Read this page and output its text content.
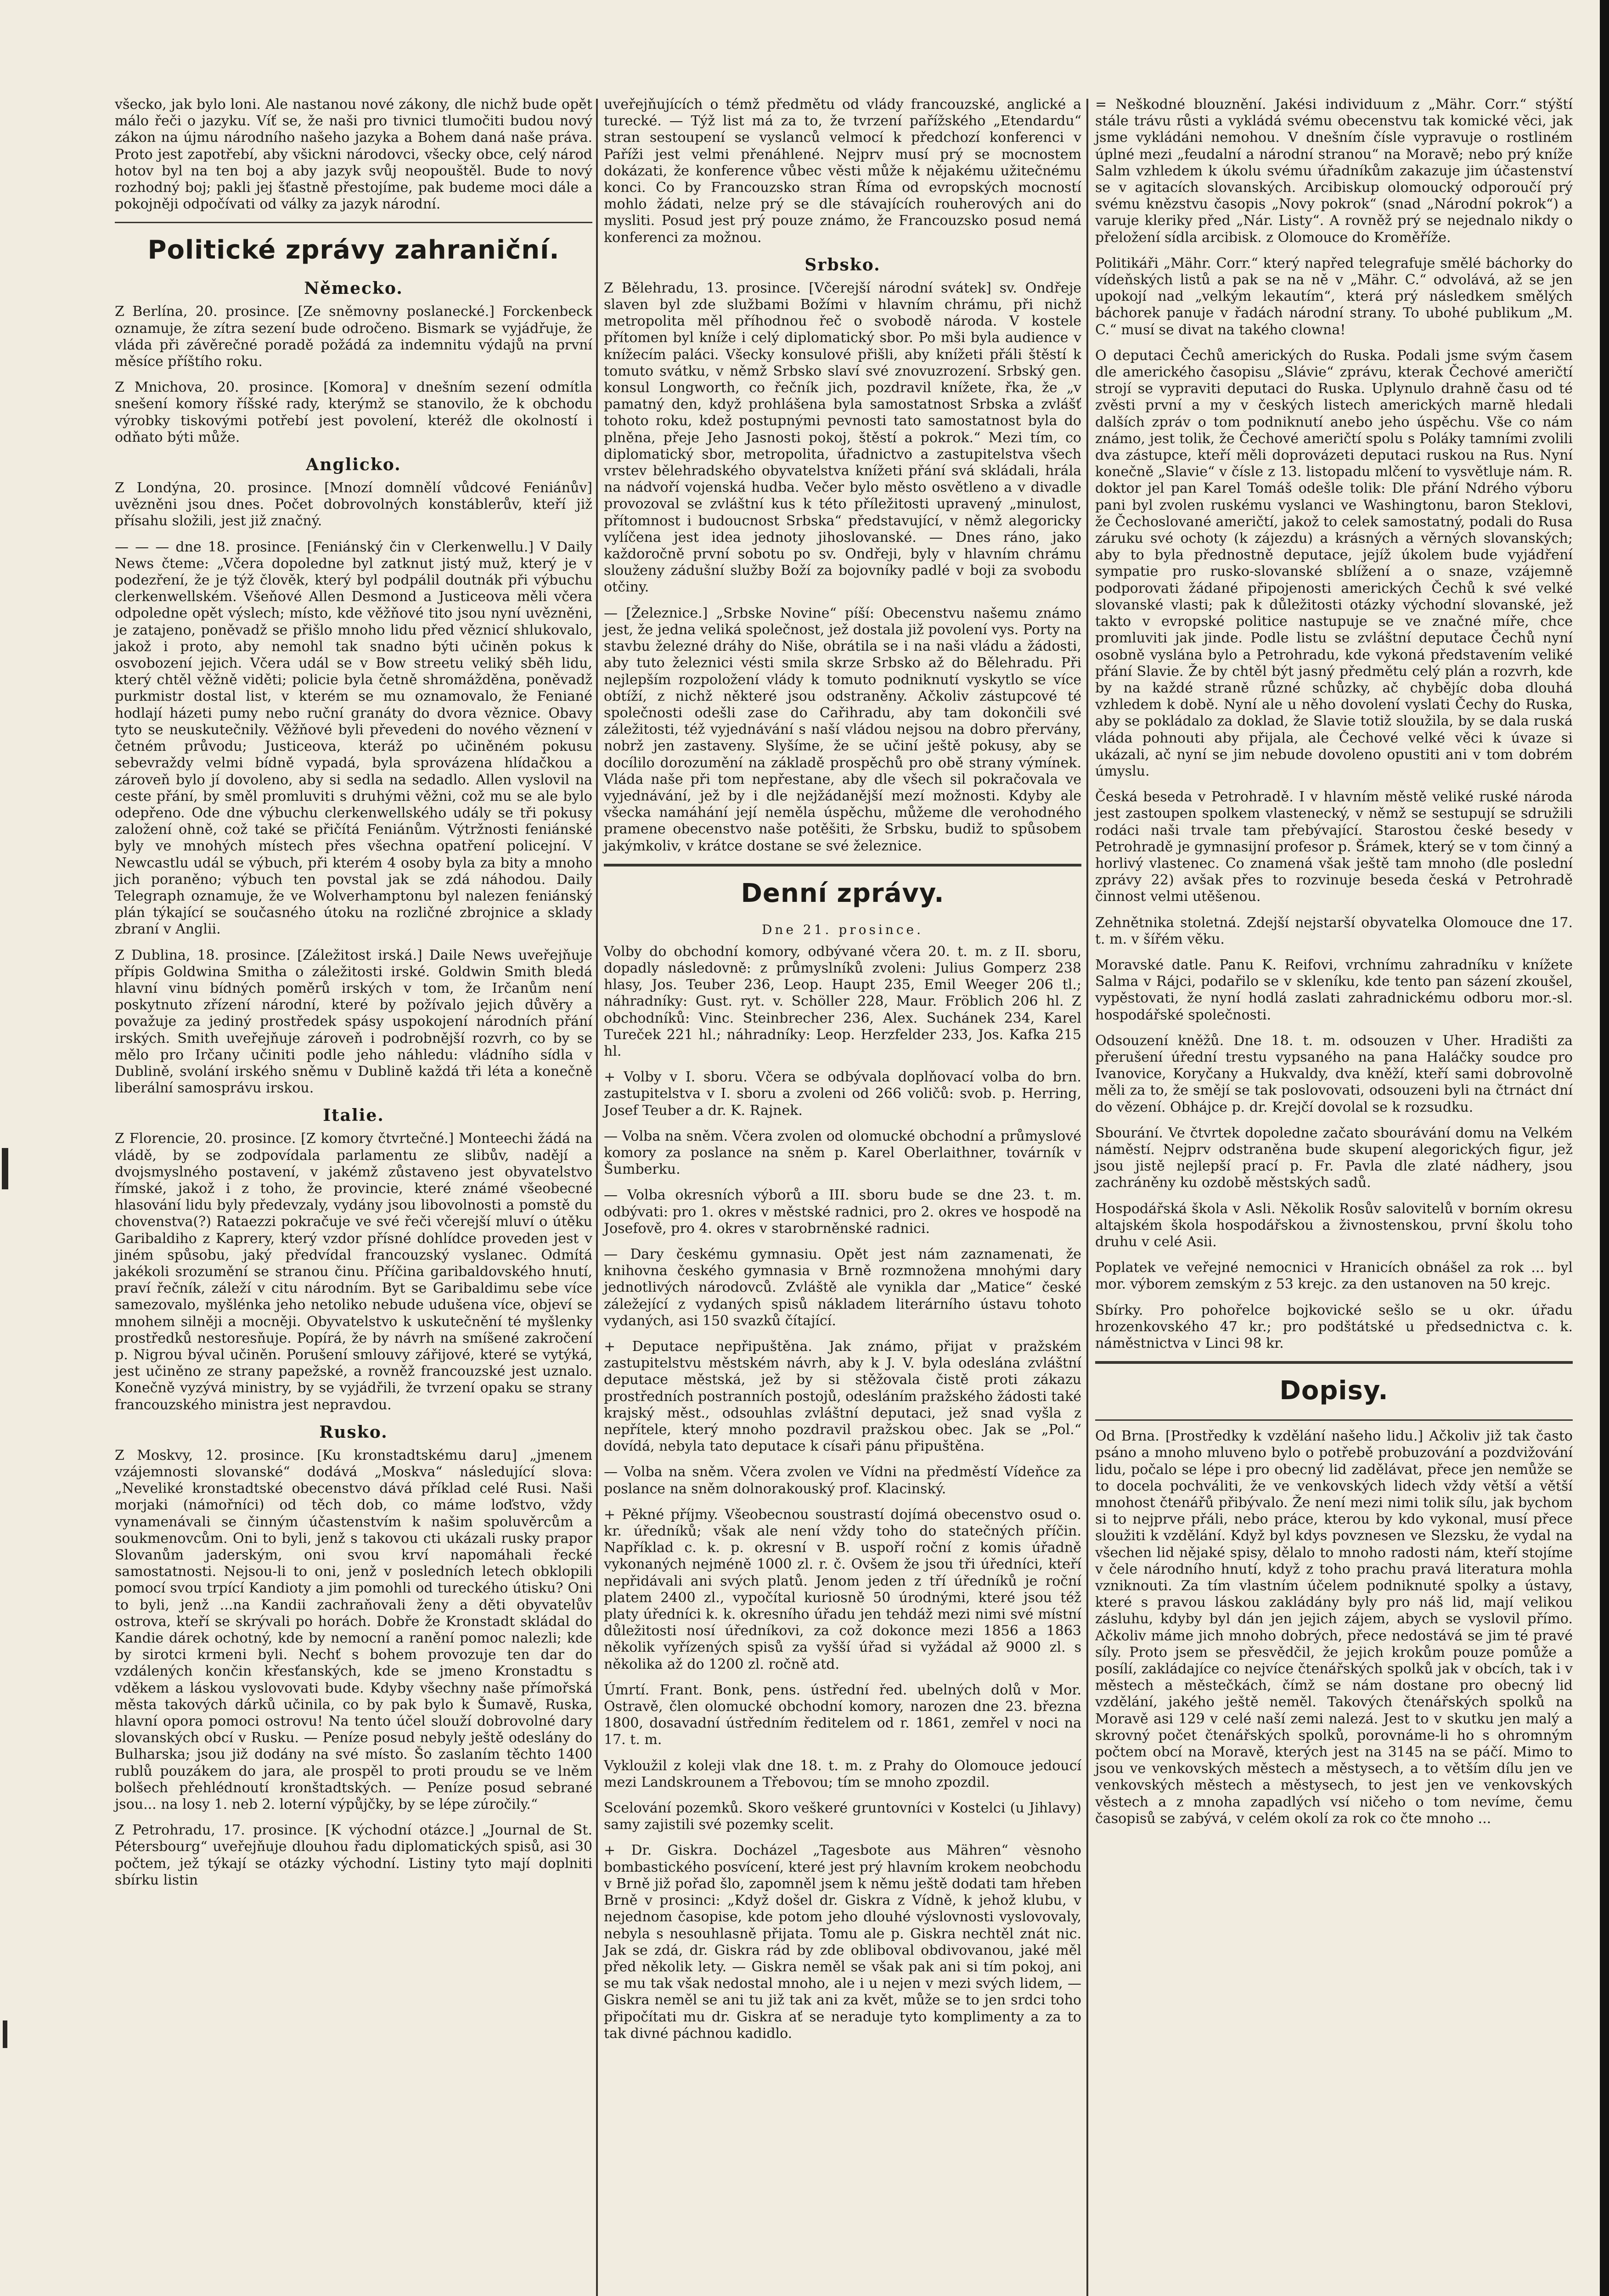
všecko, jak bylo loni. Ale nastanou nové zákony, dle nichž bude opět málo řeči o jazyku. Víť se, že naši pro tivnici tlumočiti budou nový zákon na újmu národního našeho jazyka a Bohem daná naše práva. Proto jest zapotřebí, aby všickni národovci, všecky obce, celý národ hotov byl na ten boj a aby jazyk svůj neopouštěl. Bude to nový rozhodný boj; pakli jej šťastně přestojíme, pak budeme moci dále a pokojněji odpočívati od války za jazyk národní.

Politické zprávy zahraniční.
Německo.

Z Berlína, 20. prosince. [Ze sněmovny poslanecké.] Forckenbeck oznamuje, že zítra sezení bude odročeno. Bismark se vyjádřuje, že vláda při závěrečné poradě požádá za indemnitu výdajů na první měsíce příštího roku.

Z Mnichova, 20. prosince. [Komora] v dnešním sezení odmítla snešení komory říšské rady, kterýmž se stanovilo, že k obchodu výrobky tiskovými potřebí jest povolení, kteréž dle okolností i odňato býti může.

Anglicko.

Z Londýna, 20. prosince. [Mnozí domnělí vůdcové Feniánův] uvězněni jsou dnes. Počet dobrovolných konstáblerův, kteří již přísahu složili, jest již značný.

— — — dne 18. prosince. [Feniánský čin v Clerkenwellu.] V Daily News čteme: „Včera dopoledne byl zatknut jistý muž, který je v podezření, že je týž člověk, který byl podpálil doutnák při výbuchu clerkenwellském. Všeňové Allen Desmond a Justiceova měli včera odpoledne opět výslech; místo, kde věžňové tito jsou nyní uvězněni, je zatajeno, poněvadž se přišlo mnoho lidu před věznicí shlukovalo, jakož i proto, aby nemohl tak snadno býti učiněn pokus k osvobození jejich. Včera udál se v Bow streetu veliký sběh lidu, který chtěl věžně viděti; policie byla četně shromážděna, poněvadž purkmistr dostal list, v kterém se mu oznamovalo, že Feniané hodlají házeti pumy nebo ruční granáty do dvora věznice. Obavy tyto se neuskutečnily. Věžňové byli převedeni do nového věznení v četném průvodu; Justiceova, kteráž po učiněném pokusu sebevraždy velmi bídně vypadá, byla sprovázena hlídačkou a zároveň bylo jí dovoleno, aby si sedla na sedadlo. Allen vyslovil na ceste přání, by směl promluviti s druhými věžni, což mu se ale bylo odepřeno. Ode dne výbuchu clerkenwellského udály se tři pokusy založení ohně, což také se přičítá Feniánům. Výtržnosti feniánské byly ve mnohých místech přes všechna opatření policejní. V Newcastlu udál se výbuch, při kterém 4 osoby byla za bity a mnoho jich poraněno; výbuch ten povstal jak se zdá náhodou. Daily Telegraph oznamuje, že ve Wolverhamptonu byl nalezen feniánský plán týkající se současného útoku na rozličné zbrojnice a sklady zbraní v Anglii.

Z Dublina, 18. prosince. [Záležitost irská.] Daile News uveřejňuje přípis Goldwina Smitha o záležitosti irské. Goldwin Smith bledá hlavní vinu bídných poměrů irských v tom, že Irčanům není poskytnuto zřízení národní, které by požívalo jejich důvěry a považuje za jediný prostředek spásy uspokojení národních přání irských. Smith uveřejňuje zároveň i podrobnější rozvrh, co by se mělo pro Irčany učiniti podle jeho náhledu: vládního sídla v Dublině, svolání irského sněmu v Dublině každá tři léta a konečně liberální samosprávu irskou.

Italie.

Z Florencie, 20. prosince. [Z komory čtvrtečné.] Monteechi žádá na vládě, by se zodpovídala parlamentu ze slibův, nadějí a dvojsmyslného postavení, v jakémž zůstaveno jest obyvatelstvo římské, jakož i z toho, že provincie, které známé všeobecné hlasování lidu byly předevzaly, vydány jsou libovolnosti a pomstě du chovenstva(?) Rataezzi pokračuje ve své řeči včerejší mluví o útěku Garibaldiho z Kaprery, který vzdor přísné dohlídce proveden jest v jiném spůsobu, jaký předvídal francouzský vyslanec. Odmítá jakékoli srozumění se stranou činu. Příčina garibaldovského hnutí, praví řečník, záleží v citu národním. Byt se Garibaldimu sebe více samezovalo, myšlénka jeho netoliko nebude udušena více, objeví se mnohem silněji a mocněji. Obyvatelstvo k uskutečnění té myšlenky prostředků nestoresňuje. Popírá, že by návrh na smíšené zakročení p. Nigrou býval učiněn. Porušení smlouvy zářijové, které se vytýká, jest učiněno ze strany papežské, a rovněž francouzské jest uznalo. Konečně vyzývá ministry, by se vyjádřili, že tvrzení opaku se strany francouzského ministra jest nepravdou.

Rusko.

Z Moskvy, 12. prosince. [Ku kronstadtskému daru] „jmenem vzájemnosti slovanské“ dodává „Moskva“ následující slova: „Neveliké kronstadtské obecenstvo dává příklad celé Rusi. Naši morjaki (námořníci) od těch dob, co máme loďstvo, vždy vynamenávali se činným účastenstvím k našim spoluvěrcům a soukmenovcům. Oni to byli, jenž s takovou cti ukázali rusky prapor Slovanům jaderským, oni svou krví napomáhali řecké samostatnosti. Nejsou-li to oni, jenž v posledních letech obklopili pomocí svou trpící Kandioty a jim pomohli od tureckého útisku? Oni to byli, jenž ...na Kandii zachraňovali ženy a děti obyvatelův ostrova, kteří se skrývali po horách. Dobře že Kronstadt skládal do Kandie dárek ochotný, kde by nemocní a ranění pomoc nalezli; kde by sirotci krmeni byli. Nechť s bohem provozuje ten dar do vzdálených končin křesťanských, kde se jmeno Kronstadtu s vděkem a láskou vyslovovati bude. Kdyby všechny naše přímořská města takových dárků učinila, co by pak bylo k Šumavě, Ruska, hlavní opora pomoci ostrovu! Na tento účel slouží dobrovolné dary slovanských obcí v Rusku. — Peníze posud nebyly ještě odeslány do Bulharska; jsou již dodány na své místo. Šo zaslaním těchto 1400 rublů pouzákem do jara, ale prospěl to proti proudu se ve lněm bolšech přehlédnoutí kronštadtských. — Peníze posud sebrané jsou... na losy 1. neb 2. loterní výpůjčky, by se lépe zúročily.“

Z Petrohradu, 17. prosince. [K východní otázce.] „Journal de St. Pétersbourg“ uveřejňuje dlouhou řadu diplomatických spisů, asi 30 počtem, jež týkají se otázky východní. Listiny tyto mají doplniti sbírku listin

uveřejňujících o témž předmětu od vlády francouzské, anglické a turecké. — Týž list má za to, že tvrzení pařížského „Etendardu“ stran sestoupení se vyslanců velmocí k předchozí konferenci v Paříži jest velmi přenáhlené. Nejprv musí prý se mocnostem dokázati, že konference vůbec věsti může k nějakému užitečnému konci. Co by Francouzsko stran Říma od evropských mocností mohlo žádati, nelze prý se dle stávajících rouherových ani do mysliti. Posud jest prý pouze známo, že Francouzsko posud nemá konferenci za možnou.

Srbsko.

Z Bělehradu, 13. prosince. [Včerejší národní svátek] sv. Ondřeje slaven byl zde službami Božími v hlavním chrámu, při nichž metropolita měl příhodnou řeč o svobodě národa. V kostele přítomen byl kníže i celý diplomatický sbor. Po mši byla audience v knížecím paláci. Všecky konsulové přišli, aby knížeti přáli štěstí k tomuto svátku, v němž Srbsko slaví své znovuzrození. Srbský gen. konsul Longworth, co řečník jich, pozdravil knížete, řka, že „v pamatný den, když prohlášena byla samostatnost Srbska a zvlášť tohoto roku, kdež postupnými pevnosti tato samostatnost byla do plněna, přeje Jeho Jasnosti pokoj, štěstí a pokrok.“ Mezi tím, co diplomatický sbor, metropolita, úřadnictvo a zastupitelstva všech vrstev bělehradského obyvatelstva knížeti přání svá skládali, hrála na nádvoří vojenská hudba. Večer bylo město osvětleno a v divadle provozoval se zvláštní kus k této příležitosti upravený „minulost, přítomnost i budoucnost Srbska“ představující, v němž alegoricky vylíčena jest idea jednoty jihoslovanské. — Dnes ráno, jako každoročně první sobotu po sv. Ondřeji, byly v hlavním chrámu slouženy zádušní služby Boží za bojovníky padlé v boji za svobodu otčiny.

— [Železnice.] „Srbske Novine“ píší: Obecenstvu našemu známo jest, že jedna veliká společnost, jež dostala již povolení vys. Porty na stavbu železné dráhy do Niše, obrátila se i na naši vládu a žádosti, aby tuto železnici vésti smila skrze Srbsko až do Bělehradu. Při nejlepším rozpoložení vlády k tomuto podniknutí vyskytlo se více obtíží, z nichž některé jsou odstraněny. Ačkoliv zástupcové té společnosti odešli zase do Cařihradu, aby tam dokončili své záležitosti, též vyjednávání s naší vládou nejsou na dobro přervány, nobrž jen zastaveny. Slyšíme, že se učiní ještě pokusy, aby se docílilo dorozumění na základě prospěchů pro obě strany výmínek. Vláda naše při tom nepřestane, aby dle všech sil pokračovala ve vyjednávání, jež by i dle nejžádanější mezí možnosti. Kdyby ale všecka namáhání její neměla úspěchu, můžeme dle verohodného pramene obecenstvo naše potěšiti, že Srbsku, budiž to spůsobem jakýmkoliv, v krátce dostane se své železnice.

Denní zprávy.
Dne 21. prosince.

Volby do obchodní komory, odbývané včera 20. t. m. z II. sboru, dopadly následovně: z průmyslníků zvoleni: Julius Gomperz 238 hlasy, Jos. Teuber 236, Leop. Haupt 235, Emil Weeger 206 tl.; náhradníky: Gust. ryt. v. Schöller 228, Maur. Fröblich 206 hl. Z obchodníků: Vinc. Steinbrecher 236, Alex. Suchánek 234, Karel Tureček 221 hl.; náhradníky: Leop. Herzfelder 233, Jos. Kafka 215 hl.

+ Volby v I. sboru. Včera se odbývala doplňovací volba do brn. zastupitelstva v I. sboru a zvoleni od 266 voličů: svob. p. Herring, Josef Teuber a dr. K. Rajnek.

— Volba na sněm. Včera zvolen od olomucké obchodní a průmyslové komory za poslance na sněm p. Karel Oberlaithner, továrník v Šumberku.

— Volba okresních výborů a III. sboru bude se dne 23. t. m. odbývati: pro 1. okres v městské radnici, pro 2. okres ve hospodě na Josefově, pro 4. okres v starobrněnské radnici.

— Dary českému gymnasiu. Opět jest nám zaznamenati, že knihovna českého gymnasia v Brně rozmnožena mnohými dary jednotlivých národovců. Zvláště ale vynikla dar „Matice“ české záležející z vydaných spisů nákladem literárního ústavu tohoto vydaných, asi 150 svazků čítající.

+ Deputace nepřipuštěna. Jak známo, přijat v pražském zastupitelstvu městském návrh, aby k J. V. byla odeslána zvláštní deputace městská, jež by si stěžovala čistě proti zákazu prostředních postranních postojů, odesláním pražského žádosti také krajský měst., odsouhlas zvláštní deputaci, jež snad vyšla z nepřítele, který mnoho pozdravil pražskou obec. Jak se „Pol.“ dovídá, nebyla tato deputace k císaři pánu připuštěna.

— Volba na sněm. Včera zvolen ve Vídni na předměstí Vídeňce za poslance na sněm dolnorakouský prof. Klacinský.

+ Pěkné příjmy. Všeobecnou soustrastí dojímá obecenstvo osud o. kr. úředníků; však ale není vždy toho do statečných příčin. Například c. k. p. okresní v B. uspoří roční z komis úřadně vykonaných nejméně 1000 zl. r. č. Ovšem že jsou tři úředníci, kteří nepřidávali ani svých platů. Jenom jeden z tří úředníků je roční platem 2400 zl., vypočítal kuriosně 50 úrodnými, které jsou též platy úředníci k. k. okresního úřadu jen tehdáž mezi nimi své místní důležitosti nosí úředníkovi, za což dokonce mezi 1856 a 1863 několik vyřízených spisů za vyšší úřad si vyžádal až 9000 zl. s několika až do 1200 zl. ročně atd.

Úmrtí. Frant. Bonk, pens. ústřední řed. ubelných dolů v Mor. Ostravě, člen olomucké obchodní komory, narozen dne 23. března 1800, dosavadní ústředním ředitelem od r. 1861, zemřel v noci na 17. t. m.

Vykloužil z koleji vlak dne 18. t. m. z Prahy do Olomouce jedoucí mezi Landskrounem a Třebovou; tím se mnoho zpozdil.

Scelování pozemků. Skoro veškeré gruntovníci v Kostelci (u Jihlavy) samy zajistili své pozemky scelit.

+ Dr. Giskra. Docházel „Tagesbote aus Mähren“ vèsnoho bombastického posvícení, které jest prý hlavním krokem neobchodu v Brně již pořad šlo, zapomněl jsem k němu ještě dodati tam hřeben Brně v prosinci: „Když došel dr. Giskra z Vídně, k jehož klubu, v nejednom časopise, kde potom jeho dlouhé výslovnosti vyslovovaly, nebyla s nesouhlasně přijata. Tomu ale p. Giskra nechtěl znát nic. Jak se zdá, dr. Giskra rád by zde obliboval obdivovanou, jaké měl před několik lety. — Giskra neměl se však pak ani si tím pokoj, ani se mu tak však nedostal mnoho, ale i u nejen v mezi svých lidem, — Giskra neměl se ani tu již tak ani za květ, může se to jen srdci toho připočítati mu dr. Giskra ať se neraduje tyto komplimenty a za to tak divné páchnou kadidlo.

= Neškodné blouznění. Jakési individuum z „Mähr. Corr.“ stýští stále trávu růsti a vykládá svému obecenstvu tak komické věci, jak jsme vykládáni nemohou. V dnešním čísle vypravuje o rostliném úplné mezi „feudalní a národní stranou“ na Moravě; nebo prý kníže Salm vzhledem k úkolu svému úřadníkům zakazuje jim účastenství se v agitacích slovanských. Arcibiskup olomoucký odporoučí prý svému knězstvu časopis „Novy pokrok“ (snad „Národní pokrok“) a varuje kleriky před „Nár. Listy“. A rovněž prý se nejednalo nikdy o přeložení sídla arcibisk. z Olomouce do Kroměříže.

Politikáři „Mähr. Corr.“ který napřed telegrafuje smělé báchorky do vídeňských listů a pak se na ně v „Mähr. C.“ odvolává, až se jen upokojí nad „velkým lekautím“, která prý následkem smělých báchorek panuje v řadách národní strany. To ubohé publikum „M. C.“ musí se divat na takého clowna!

O deputaci Čechů amerických do Ruska. Podali jsme svým časem dle amerického časopisu „Slávie“ zprávu, kterak Čechové američtí strojí se vypraviti deputaci do Ruska. Uplynulo drahně času od té zvěsti první a my v českých listech amerických marně hledali dalších zpráv o tom podniknutí anebo jeho úspěchu. Vše co nám známo, jest tolik, že Čechové američtí spolu s Poláky tamními zvolili dva zástupce, kteří měli doprovázeti deputaci ruskou na Rus. Nyní konečně „Slavie“ v čísle z 13. listopadu mlčení to vysvětluje nám. R. doktor jel pan Karel Tomáš odešle tolik: Dle přání Ndrého výboru pani byl zvolen ruskému vyslanci ve Washingtonu, baron Steklovi, že Čechoslované američtí, jakož to celek samostatný, podali do Rusa záruku své ochoty (k zájezdu) a krásných a věrných slovanských; aby to byla přednostně deputace, jejíž úkolem bude vyjádření sympatie pro rusko-slovanské sblížení a o snaze, vzájemně podporovati žádané připojenosti amerických Čechů k své velké slovanské vlasti; pak k důležitosti otázky východní slovanské, jež takto v evropské politice nastupuje se ve značné míře, chce promluviti jak jinde. Podle listu se zvláštní deputace Čechů nyní osobně vyslána bylo a Petrohradu, kde vykoná představením veliké přání Slavie. Že by chtěl být jasný předmětu celý plán a rozvrh, kde by na každé straně různé schůzky, ač chybějíc doba dlouhá vzhledem k době. Nyní ale u něho dovolení vyslati Čechy do Ruska, aby se pokládalo za doklad, že Slavie totiž sloužila, by se dala ruská vláda pohnouti aby přijala, ale Čechové velké věci k úvaze si ukázali, ač nyní se jim nebude dovoleno opustiti ani v tom dobrém úmyslu.

Česká beseda v Petrohradě. I v hlavním městě veliké ruské národa jest zastoupen spolkem vlastenecký, v němž se sestupují se sdružili rodáci naši trvale tam přebývající. Starostou české besedy v Petrohradě je gymnasijní profesor p. Šrámek, který se v tom činný a horlivý vlastenec. Co znamená však ještě tam mnoho (dle poslední zprávy 22) avšak přes to rozvinuje beseda česká v Petrohradě činnost velmi utěšenou.

Zehnětnika stoletná. Zdejší nejstarší obyvatelka Olomouce dne 17. t. m. v šířém věku.

Moravské datle. Panu K. Reifovi, vrchnímu zahradníku v knížete Salma v Rájci, podařilo se v skleníku, kde tento pan sázení zkoušel, vypěstovati, že nyní hodlá zaslati zahradnickému odboru mor.-sl. hospodářské společnosti.

Odsouzení kněžů. Dne 18. t. m. odsouzen v Uher. Hradišti za přerušení úřední trestu vypsaného na pana Haláčky soudce pro Ivanovice, Koryčany a Hukvaldy, dva kněží, kteří sami dobrovolně měli za to, že smějí se tak poslovovati, odsouzeni byli na čtrnáct dní do vězení. Obhájce p. dr. Krejčí dovolal se k rozsudku.

Sbourání. Ve čtvrtek dopoledne začato sbourávání domu na Velkém náměstí. Nejprv odstraněna bude skupení alegorických figur, jež jsou jistě nejlepší prací p. Fr. Pavla dle zlaté nádhery, jsou zachráněny ku ozdobě městských sadů.

Hospodářská škola v Asli. Několik Rosův salovitelů v borním okresu altajském škola hospodářskou a živnostenskou, první školu toho druhu v celé Asii.

Poplatek ve veřejné nemocnici v Hranicích obnášel za rok ... byl mor. výborem zemským z 53 krejc. za den ustanoven na 50 krejc.

Sbírky. Pro pohořelce bojkovické sešlo se u okr. úřadu hrozenkovského 47 kr.; pro podštátské u předsednictva c. k. náměstnictva v Linci 98 kr.

Dopisy.

Od Brna. [Prostředky k vzdělání našeho lidu.] Ačkoliv již tak často psáno a mnoho mluveno bylo o potřebě probuzování a pozdvižování lidu, počalo se lépe i pro obecný lid zadělávat, přece jen nemůže se to docela pochváliti, že ve venkovských lidech vždy větší a větší mnohost čtenářů přibývalo. Že není mezi nimi tolik sílu, jak bychom si to nejprve přáli, nebo práce, kterou by kdo vykonal, musí přece sloužiti k vzdělání. Když byl kdys povznesen ve Slezsku, že vydal na všechen lid nějaké spisy, dělalo to mnoho radosti nám, kteří stojíme v čele národního hnutí, když z toho prachu pravá literatura mohla vzniknouti. Za tím vlastním účelem podniknuté spolky a ústavy, které s pravou láskou zakládány byly pro náš lid, mají velikou zásluhu, kdyby byl dán jen jejich zájem, abych se vyslovil přímo. Ačkoliv máme jich mnoho dobrých, přece nedostává se jim té pravé síly. Proto jsem se přesvědčil, že jejich krokům pouze pomůže a posílí, zakládajíce co nejvíce čtenářských spolků jak v obcích, tak i v městech a městečkách, čímž se nám dostane pro obecný lid vzdělání, jakého ještě neměl. Takových čtenářských spolků na Moravě asi 129 v celé naší zemi nalezá. Jest to v skutku jen malý a skrovný počet čtenářských spolků, porovnáme-li ho s ohromným počtem obcí na Moravě, kterých jest na 3145 na se páčí. Mimo to jsou ve venkovských městech a městysech, a to větším dílu jen ve venkovských městech a městysech, to jest jen ve venkovských věstech a z mnoha zapadlých vsí ničeho o tom nevíme, čemu časopisů se zabývá, v celém okolí za rok co čte mnoho ...
